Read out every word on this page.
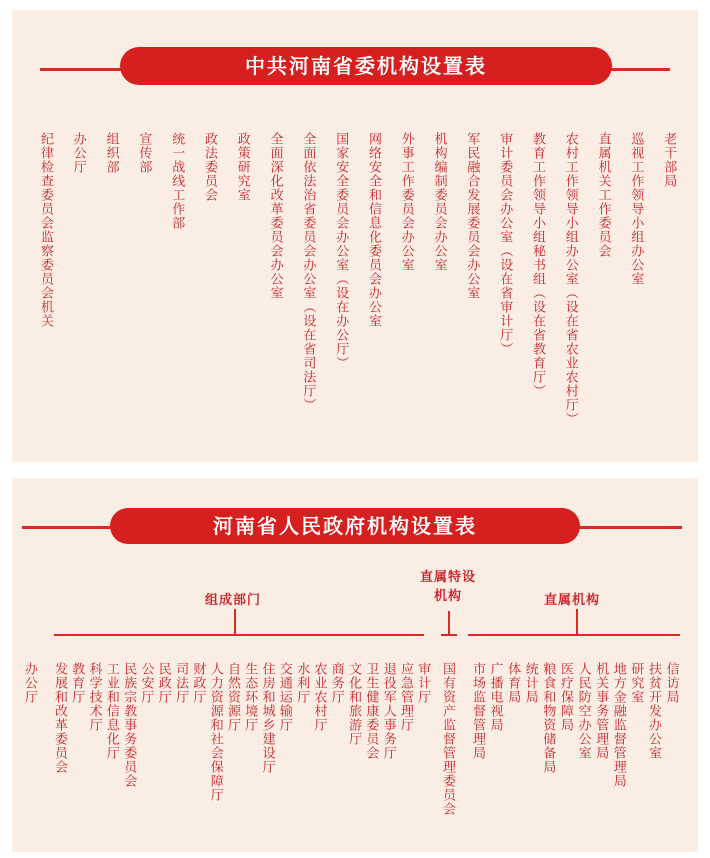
中共河南省委机构设置表
纪律检查委员会监察委员会机关 办公厅 组织部 宣传部 统一战线工作部 政法委员会 政策研究室 全面深化改革委员会办公室 全面依法治省委员会办公室（设在省司法厅） 国家安全委员会办公室（设在办公厅） 网络安全和信息化委员会办公室 外事工作委员会办公室 机构编制委员会办公室 军民融合发展委员会办公室 审计委员会办公室（设在省审计厅） 教育工作领导小组秘书组（设在省教育厅） 农村工作领导小组办公室（设在省农业农村厅） 直属机关工作委员会 巡视工作领导小组办公室 老干部局
河南省人民政府机构设置表
组成部门
直属特设机构	直属机构
办公厅 发展和改革委员会 教育厅 科学技术厅 工业和信息化厅 民族宗教事务委员会 公安厅 民政厅 司法厅 财政厅 人力资源和社会保障厅 自然资源厅 生态环境厅 住房和城乡建设厅 交通运输厅 水利厅 农业农村厅 商务厅 文化和旅游厅 卫生健康委员会 退役军人事务厅 应急管理厅 审计厅 国有资产监督管理委员会 市场监督管理局 广播电视局 体育局 统计局 粮食和物资储备局 医疗保障局 人民防空办公室 机关事务管理局 地方金融监督管理局 研究室 扶贫开发办公室 信访局
